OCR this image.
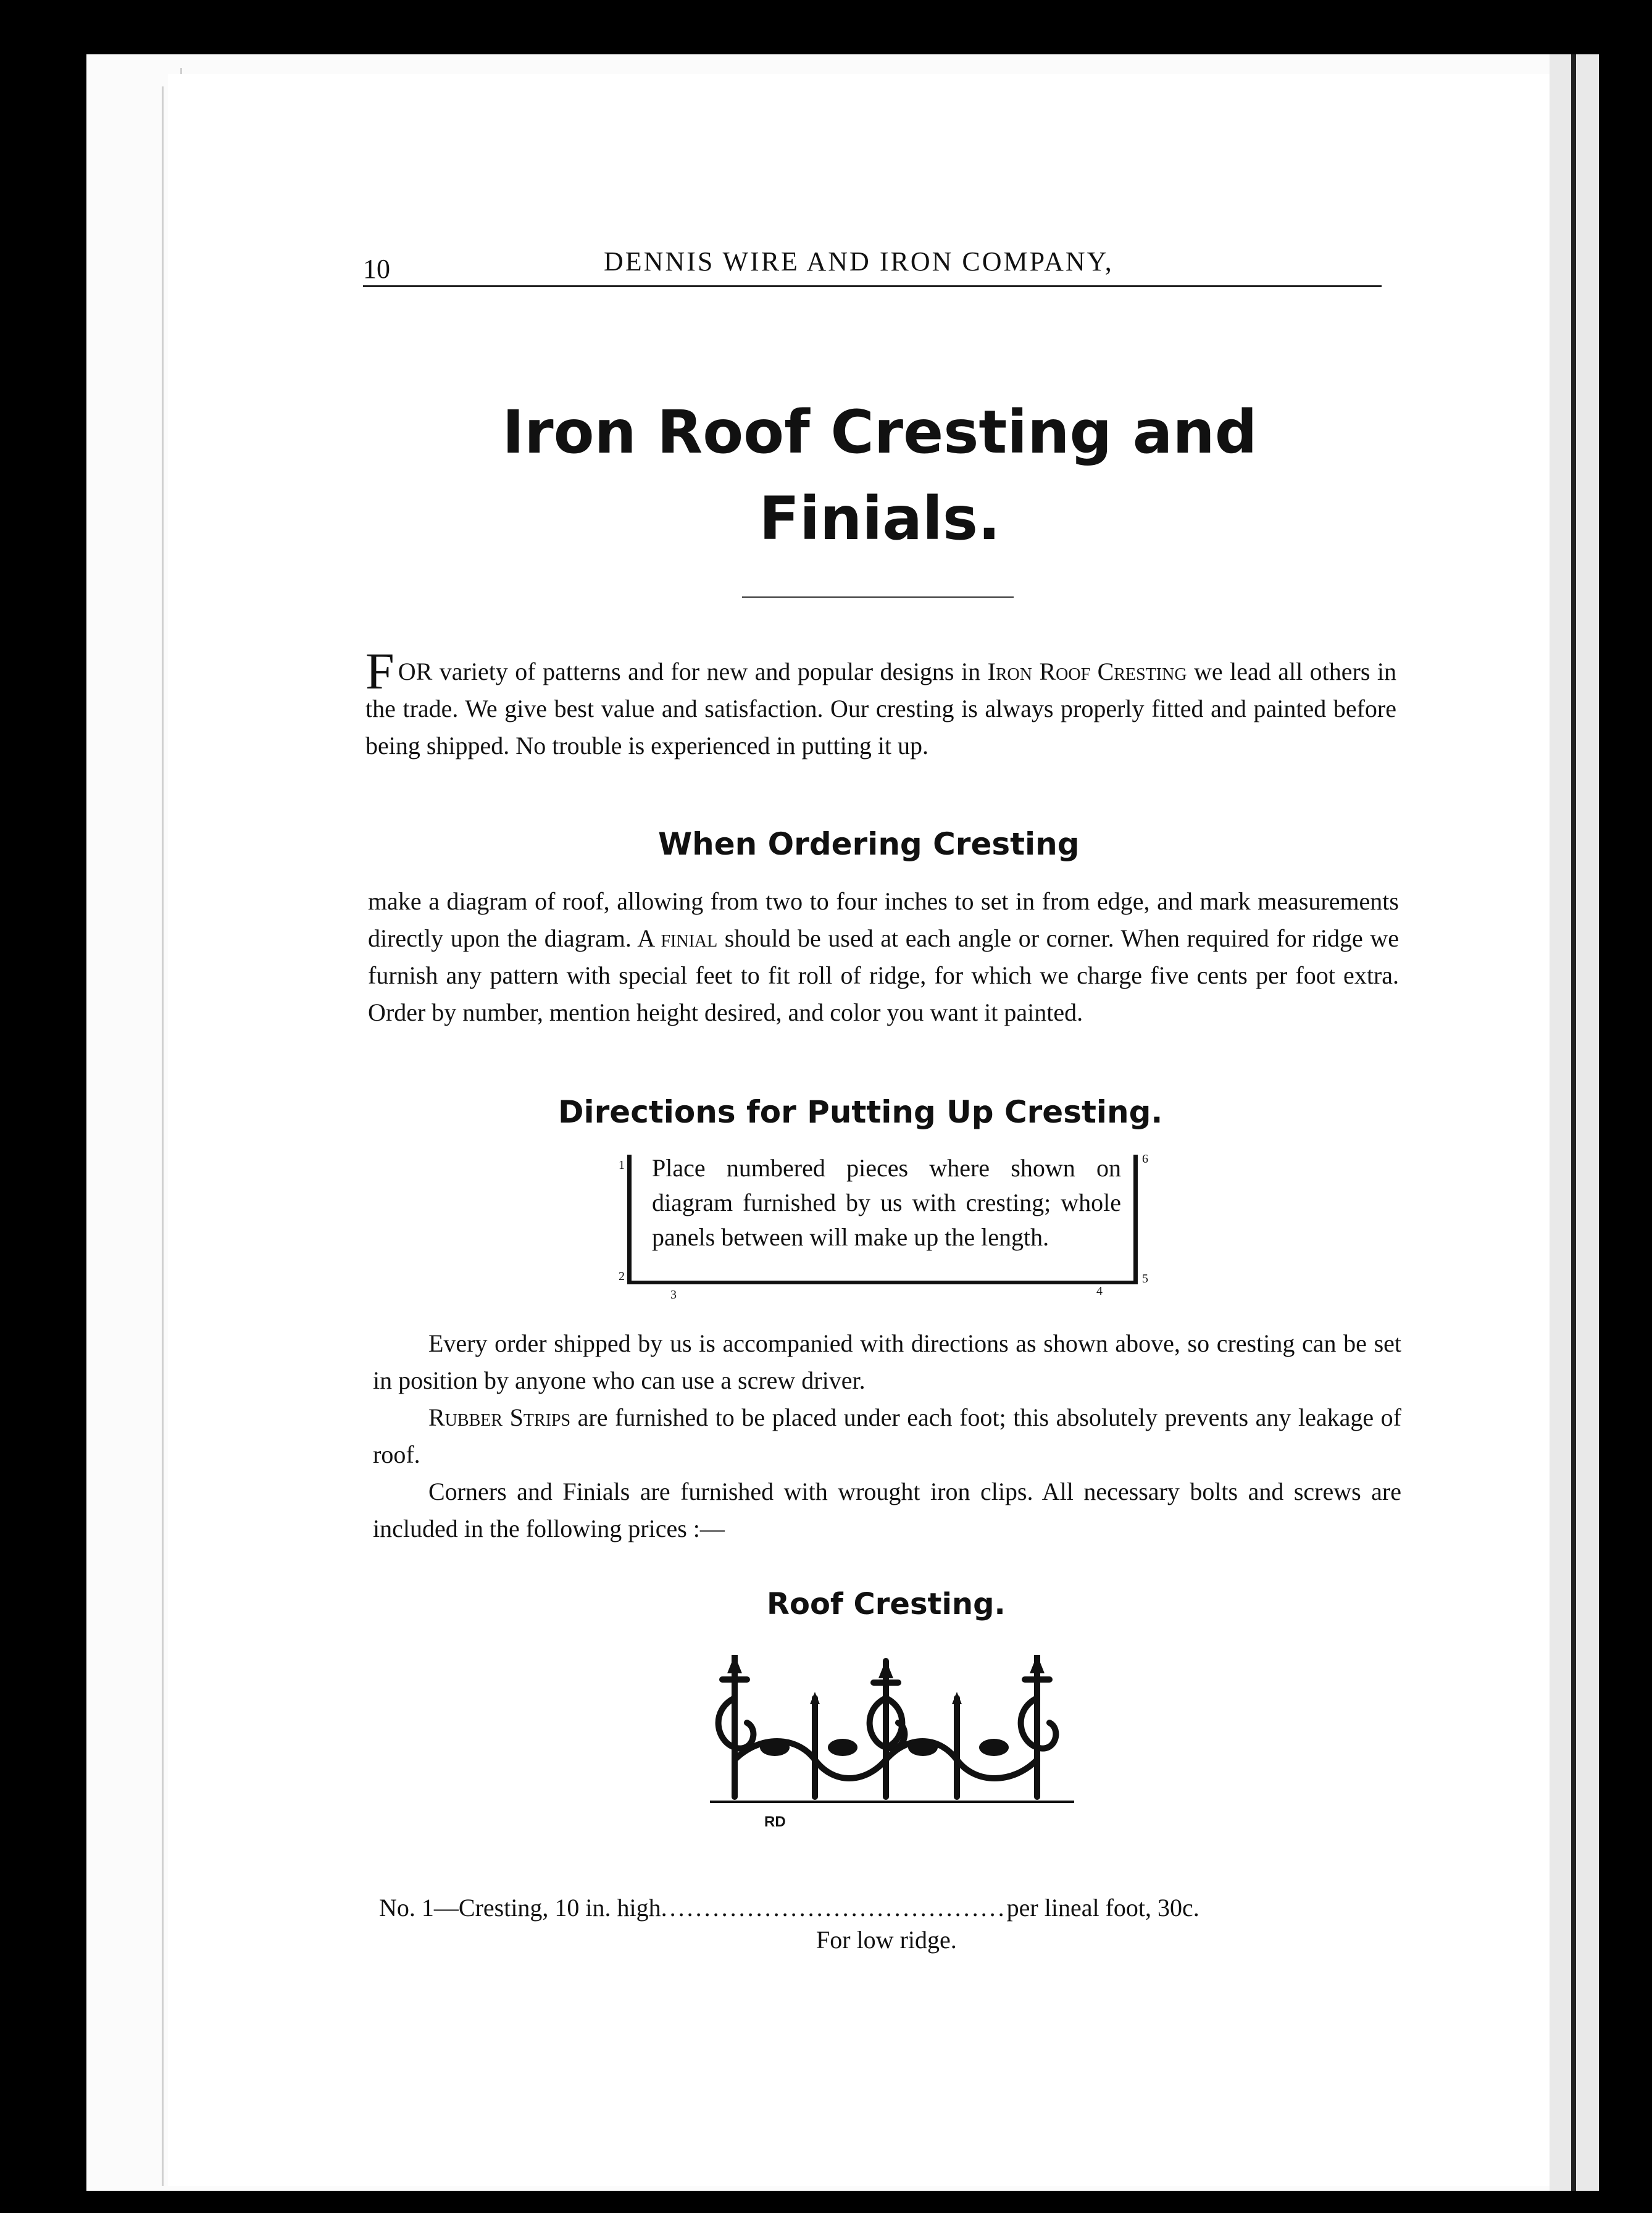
10	DENNIS WIRE AND IRON COMPANY,
Iron Roof Cresting and
Finials.
FOR variety of patterns and for new and popular designs in Iron Roof Cresting we lead all others in the trade. We give best value and satisfaction. Our cresting is always properly fitted and painted before being shipped. No trouble is experienced in putting it up.
When Ordering Cresting
make a diagram of roof, allowing from two to four inches to set in from edge, and mark measurements directly upon the diagram. A finial should be used at each angle or corner. When required for ridge we furnish any pattern with special feet to fit roll of ridge, for which we charge five cents per foot extra. Order by number, mention height desired, and color you want it painted.
Directions for Putting Up Cresting.
Place numbered pieces where shown on diagram furnished by us with cresting; whole panels between will make up the length.
1
2
3	4
5
6
Every order shipped by us is accompanied with directions as shown above, so cresting can be set in position by anyone who can use a screw driver.
Rubber Strips are furnished to be placed under each foot; this absolutely prevents any leakage of roof.
Corners and Finials are furnished with wrought iron clips. All necessary bolts and screws are included in the following prices :—
Roof Cresting.
RD
No. 1—Cresting, 10 in. high........................................per lineal foot, 30c.
For low ridge.
